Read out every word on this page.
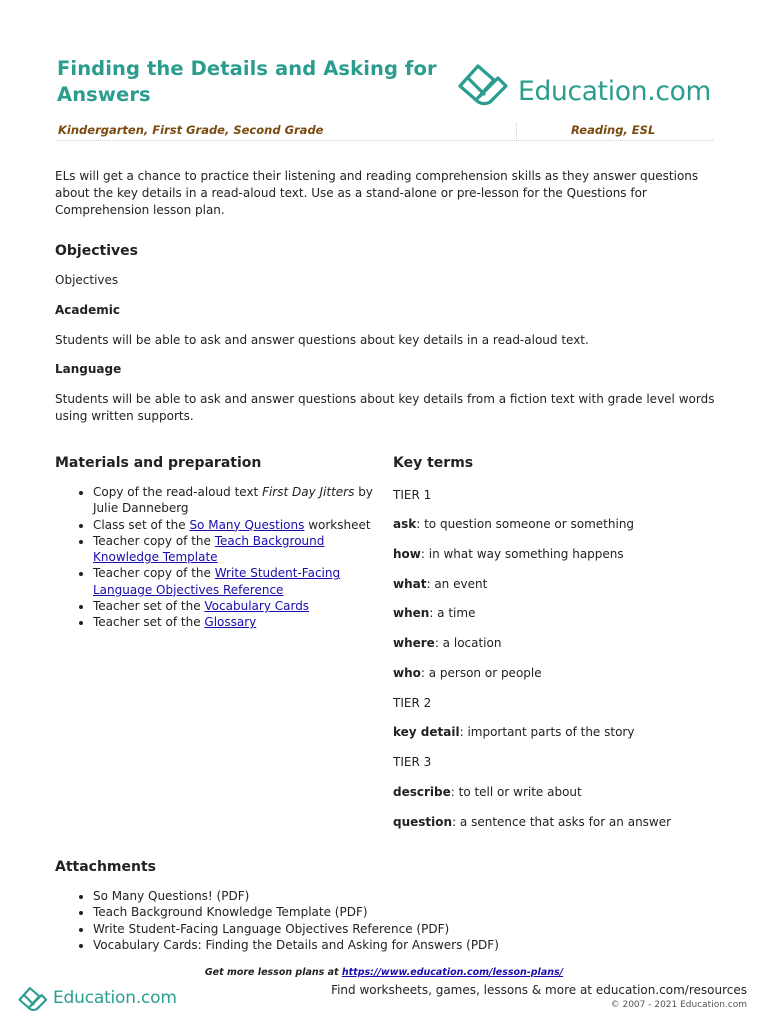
Finding the Details and Asking for Answers	Education.com
Kindergarten, First Grade, Second Grade	Reading, ESL

ELs will get a chance to practice their listening and reading comprehension skills as they answer questions about the key details in a read-aloud text. Use as a stand-alone or pre-lesson for the Questions for Comprehension lesson plan.

Objectives

Objectives

Academic

Students will be able to ask and answer questions about key details in a read-aloud text.

Language

Students will be able to ask and answer questions about key details from a fiction text with grade level words using written supports.

Materials and preparation
• Copy of the read-aloud text First Day Jitters by Julie Danneberg
• Class set of the So Many Questions worksheet
• Teacher copy of the Teach Background Knowledge Template
• Teacher copy of the Write Student-Facing Language Objectives Reference
• Teacher set of the Vocabulary Cards
• Teacher set of the Glossary
Key terms

TIER 1

ask: to question someone or something

how: in what way something happens

what: an event

when: a time

where: a location

who: a person or people

TIER 2

key detail: important parts of the story

TIER 3

describe: to tell or write about

question: a sentence that asks for an answer

Attachments
• So Many Questions! (PDF)
• Teach Background Knowledge Template (PDF)
• Write Student-Facing Language Objectives Reference (PDF)
• Vocabulary Cards: Finding the Details and Asking for Answers (PDF)
Get more lesson plans at https://www.education.com/lesson-plans/
Education.com	Find worksheets, games, lessons & more at education.com/resources
© 2007 - 2021 Education.com
